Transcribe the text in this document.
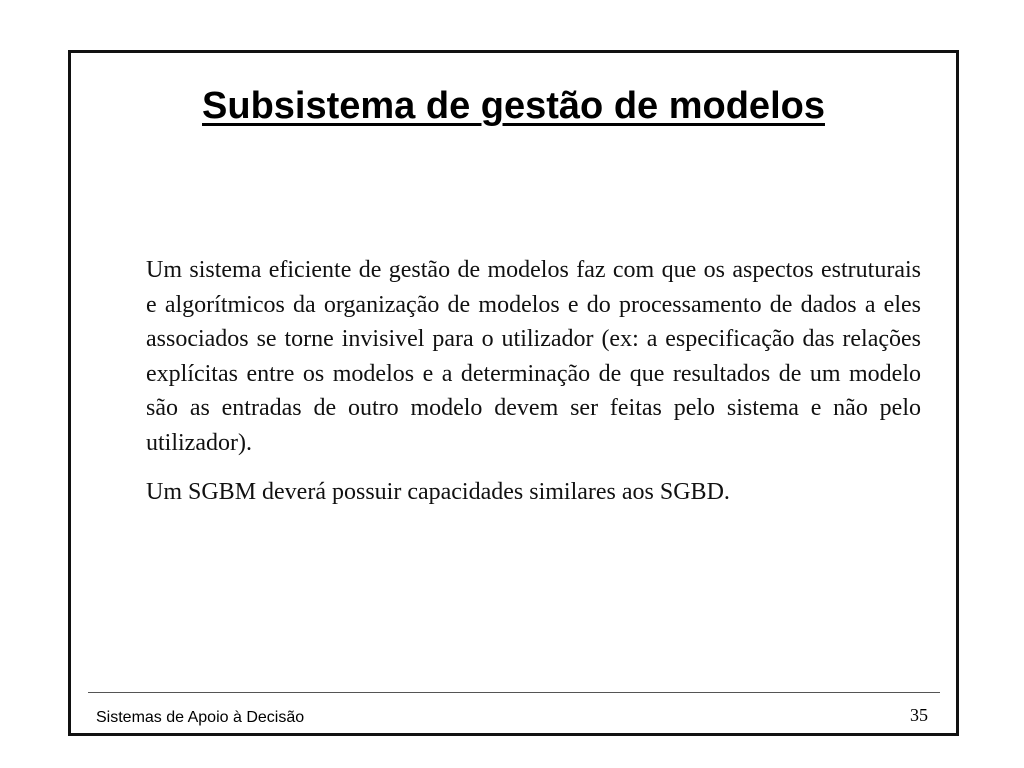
Subsistema de gestão de modelos

Um sistema eficiente de gestão de modelos faz com que os aspectos estruturais e algorítmicos da organização de modelos e do processamento de dados a eles associados se torne invisivel para o utilizador (ex: a especificação das relações explícitas entre os modelos e a determinação de que resultados de um modelo são as entradas de outro modelo devem ser feitas pelo sistema e não pelo utilizador).

Um SGBM deverá possuir capacidades similares aos SGBD.

Sistemas de Apoio à Decisão	35
